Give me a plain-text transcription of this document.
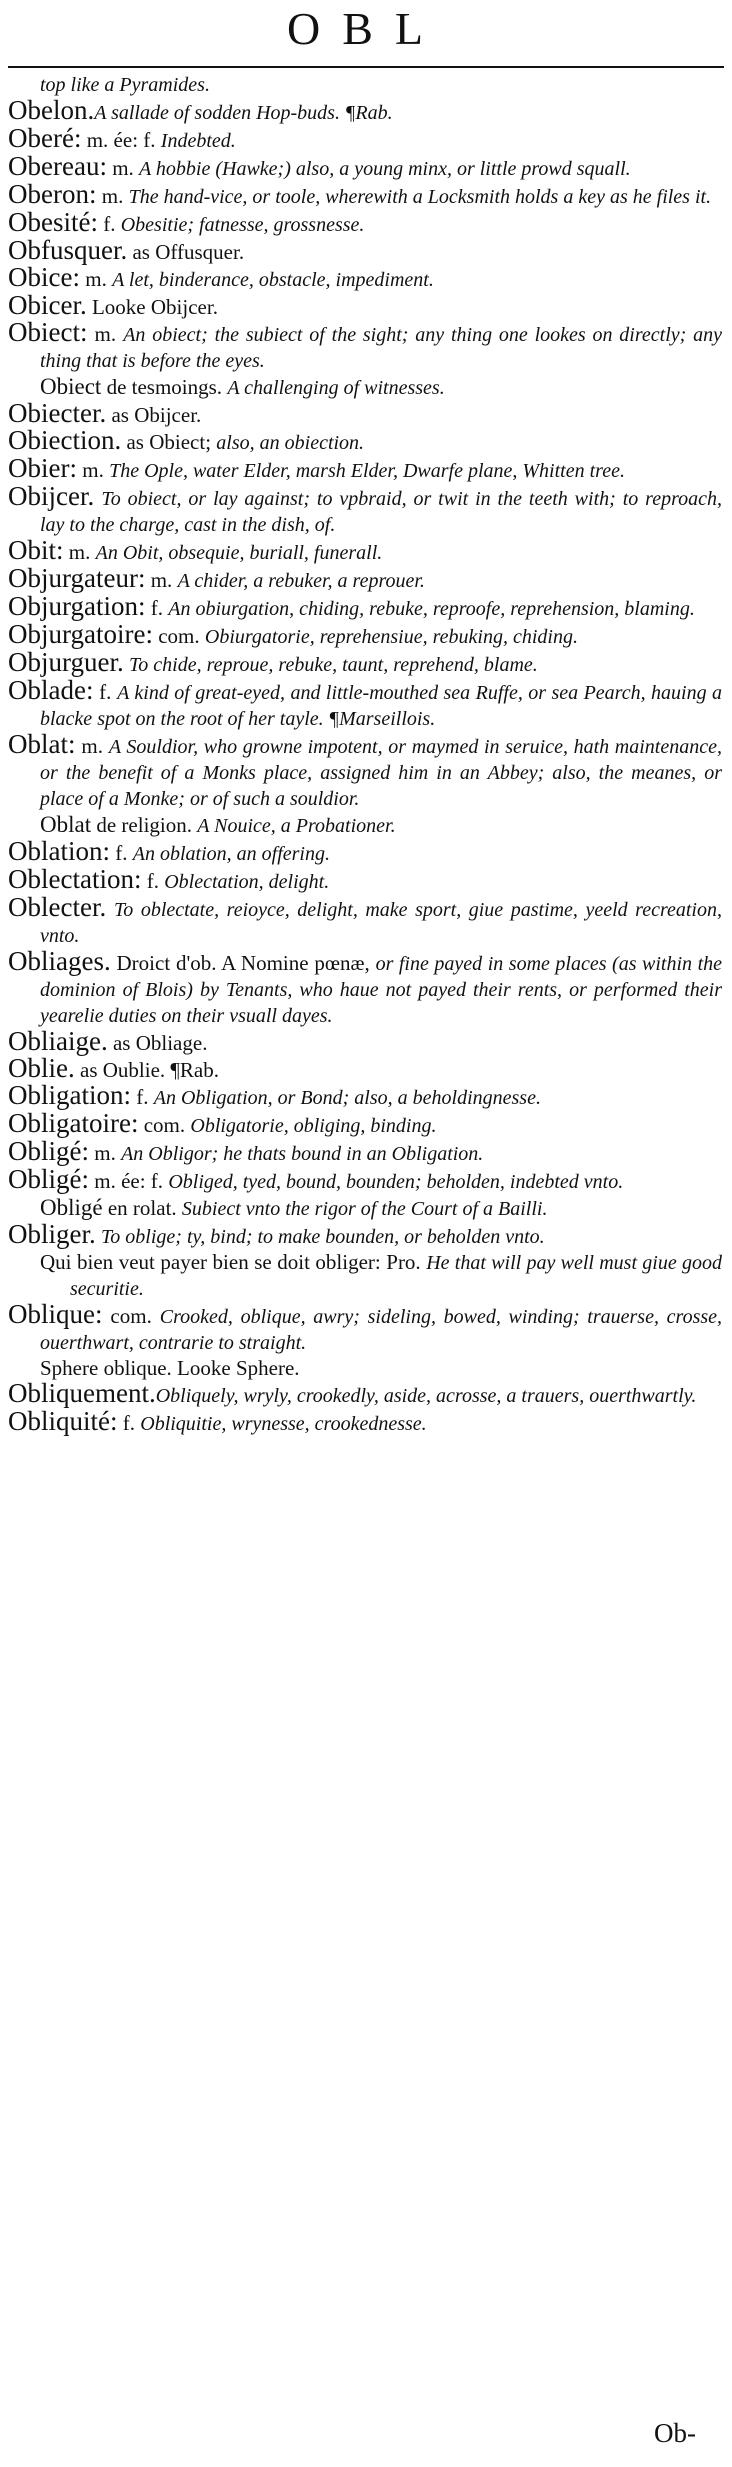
OBL
top like a Pyramides.
Obelon.A sallade of sodden Hop-buds. ¶Rab.
Oberé: m. ée: f. Indebted.
Obereau: m. A hobbie (Hawke;) also, a young minx, or little prowd squall.
Oberon: m. The hand-vice, or toole, wherewith a Locksmith holds a key as he files it.
Obesité: f. Obesitie; fatnesse, grossnesse.
Obfusquer. as Offusquer.
Obice: m. A let, binderance, obstacle, impediment.
Obicer. Looke Obijcer.
Obiect: m. An obiect; the subiect of the sight; any thing one lookes on directly; any thing that is before the eyes.
Obiect de tesmoings. A challenging of witnesses.
Obiecter. as Obijcer.
Obiection. as Obiect; also, an obiection.
Obier: m. The Ople, water Elder, marsh Elder, Dwarfe plane, Whitten tree.
Obijcer. To obiect, or lay against; to vpbraid, or twit in the teeth with; to reproach, lay to the charge, cast in the dish, of.
Obit: m. An Obit, obsequie, buriall, funerall.
Objurgateur: m. A chider, a rebuker, a reprouer.
Objurgation: f. An obiurgation, chiding, rebuke, reproofe, reprehension, blaming.
Objurgatoire: com. Obiurgatorie, reprehensiue, rebuking, chiding.
Objurguer. To chide, reproue, rebuke, taunt, reprehend, blame.
Oblade: f. A kind of great-eyed, and little-mouthed sea Ruffe, or sea Pearch, hauing a blacke spot on the root of her tayle. ¶Marseillois.
Oblat: m. A Souldior, who growne impotent, or maymed in seruice, hath maintenance, or the benefit of a Monks place, assigned him in an Abbey; also, the meanes, or place of a Monke; or of such a souldior.
Oblat de religion. A Nouice, a Probationer.
Oblation: f. An oblation, an offering.
Oblectation: f. Oblectation, delight.
Oblecter. To oblectate, reioyce, delight, make sport, giue pastime, yeeld recreation, vnto.
Obliages. Droict d'ob. A Nomine pœnæ, or fine payed in some places (as within the dominion of Blois) by Tenants, who haue not payed their rents, or performed their yearelie duties on their vsuall dayes.
Obliaige. as Obliage.
Oblie. as Oublie. ¶Rab.
Obligation: f. An Obligation, or Bond; also, a beholdingnesse.
Obligatoire: com. Obligatorie, obliging, binding.
Obligé: m. An Obligor; he thats bound in an Obligation.
Obligé: m. ée: f. Obliged, tyed, bound, bounden; beholden, indebted vnto.
Obligé en rolat. Subiect vnto the rigor of the Court of a Bailli.
Obliger. To oblige; ty, bind; to make bounden, or beholden vnto.
Qui bien veut payer bien se doit obliger: Pro. He that will pay well must giue good securitie.
Oblique: com. Crooked, oblique, awry; sideling, bowed, winding; trauerse, crosse, ouerthwart, contrarie to straight.
Sphere oblique. Looke Sphere.
Obliquement.Obliquely, wryly, crookedly, aside, acrosse, a trauers, ouerthwartly.
Obliquité: f. Obliquitie, wrynesse, crookednesse.
Ob-
